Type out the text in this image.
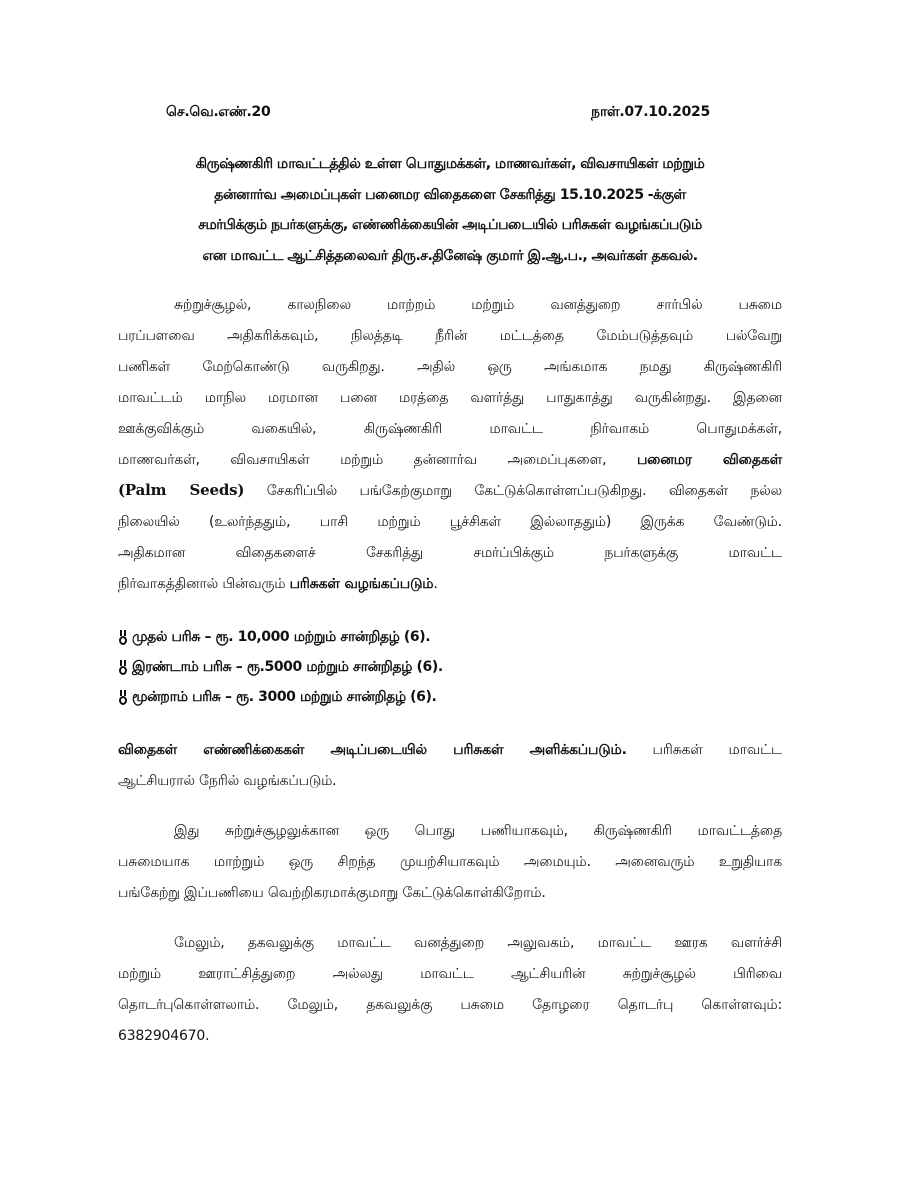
செ.வெ.எண்.20	நாள்.07.10.2025
கிருஷ்ணகிரி மாவட்டத்தில் உள்ள பொதுமக்கள், மாணவர்கள், விவசாயிகள் மற்றும்
தன்னார்வ அமைப்புகள் பனைமர விதைகளை சேகரித்து 15.10.2025 -க்குள்
சமர்பிக்கும் நபர்களுக்கு, எண்ணிக்கையின் அடிப்படையில் பரிசுகள் வழங்கப்படும்
என மாவட்ட ஆட்சித்தலைவர் திரு.ச.தினேஷ் குமார் இ.ஆ.ப., அவர்கள் தகவல்.
சுற்றுச்சூழல், காலநிலை மாற்றம் மற்றும் வனத்துறை சார்பில் பசுமை
பரப்பளவை அதிகரிக்கவும், நிலத்தடி நீரின் மட்டத்தை மேம்படுத்தவும் பல்வேறு
பணிகள் மேற்கொண்டு வருகிறது. அதில் ஒரு அங்கமாக நமது கிருஷ்ணகிரி
மாவட்டம் மாநில மரமான பனை மரத்தை வளர்த்து பாதுகாத்து வருகின்றது. இதனை
ஊக்குவிக்கும் வகையில், கிருஷ்ணகிரி மாவட்ட நிர்வாகம் பொதுமக்கள்,
மாணவர்கள், விவசாயிகள் மற்றும் தன்னார்வ அமைப்புகளை, பனைமர விதைகள்
(Palm Seeds) சேகரிப்பில் பங்கேற்குமாறு கேட்டுக்கொள்ளப்படுகிறது. விதைகள் நல்ல
நிலையில் (உலர்ந்ததும், பாசி மற்றும் பூச்சிகள் இல்லாததும்) இருக்க வேண்டும்.
அதிகமான விதைகளைச் சேகரித்து சமர்ப்பிக்கும் நபர்களுக்கு மாவட்ட
நிர்வாகத்தினால் பின்வரும் பரிசுகள் வழங்கப்படும்.
முதல் பரிசு – ரூ. 10,000 மற்றும் சான்றிதழ் (6).
இரண்டாம் பரிசு – ரூ.5000 மற்றும் சான்றிதழ் (6).
மூன்றாம் பரிசு – ரூ. 3000 மற்றும் சான்றிதழ் (6).
விதைகள் எண்ணிக்கைகள் அடிப்படையில் பரிசுகள் அளிக்கப்படும். பரிசுகள் மாவட்ட
ஆட்சியரால் நேரில் வழங்கப்படும்.
இது சுற்றுச்சூழலுக்கான ஒரு பொது பணியாகவும், கிருஷ்ணகிரி மாவட்டத்தை
பசுமையாக மாற்றும் ஒரு சிறந்த முயற்சியாகவும் அமையும். அனைவரும் உறுதியாக
பங்கேற்று இப்பணியை வெற்றிகரமாக்குமாறு கேட்டுக்கொள்கிறோம்.
மேலும், தகவலுக்கு மாவட்ட வனத்துறை அலுவகம், மாவட்ட ஊரக வளர்ச்சி
மற்றும் ஊராட்சித்துறை அல்லது மாவட்ட ஆட்சியரின் சுற்றுச்சூழல் பிரிவை
தொடர்புகொள்ளலாம். மேலும், தகவலுக்கு பசுமை தோழரை தொடர்பு கொள்ளவும்:
6382904670.
